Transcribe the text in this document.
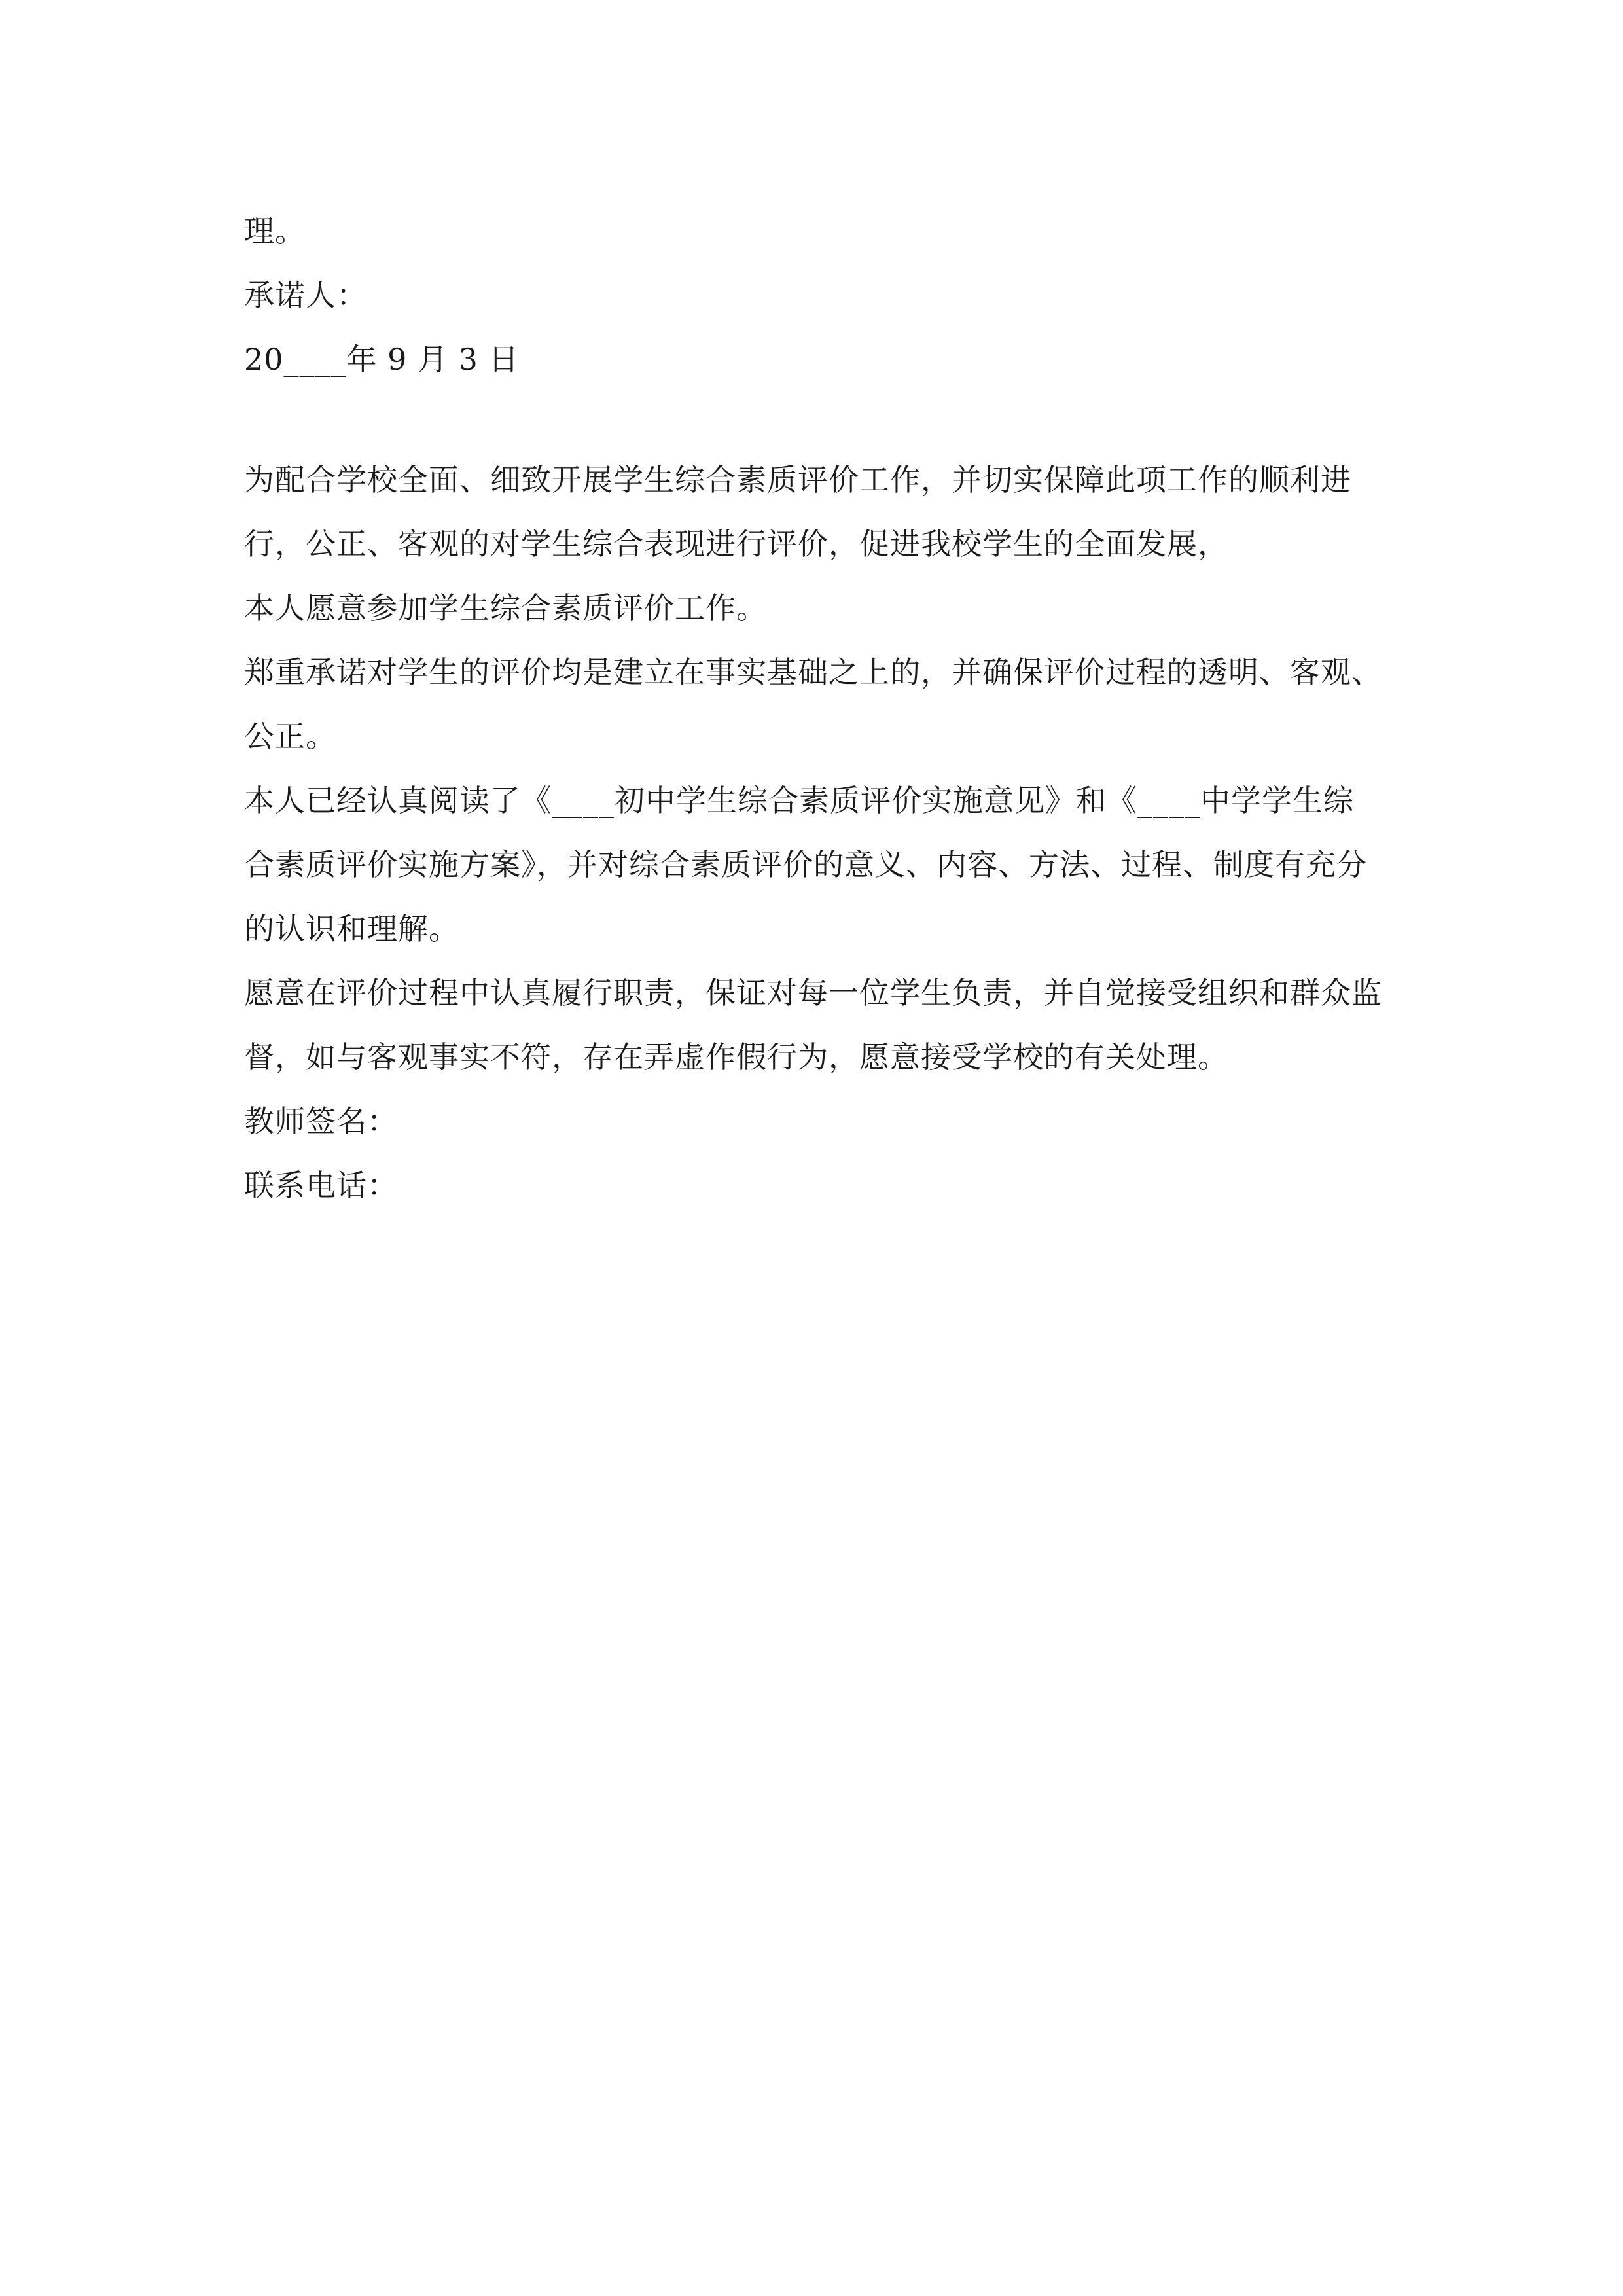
理。

承诺人：

20____年 9 月 3 日

为配合学校全面、细致开展学生综合素质评价工作，并切实保障此项工作的顺利进行，公正、客观的对学生综合表现进行评价，促进我校学生的全面发展，

本人愿意参加学生综合素质评价工作。

郑重承诺对学生的评价均是建立在事实基础之上的，并确保评价过程的透明、客观、公正。

本人已经认真阅读了《____初中学生综合素质评价实施意见》和《____中学学生综合素质评价实施方案》，并对综合素质评价的意义、内容、方法、过程、制度有充分的认识和理解。

愿意在评价过程中认真履行职责，保证对每一位学生负责，并自觉接受组织和群众监督，如与客观事实不符，存在弄虚作假行为，愿意接受学校的有关处理。

教师签名：

联系电话：
